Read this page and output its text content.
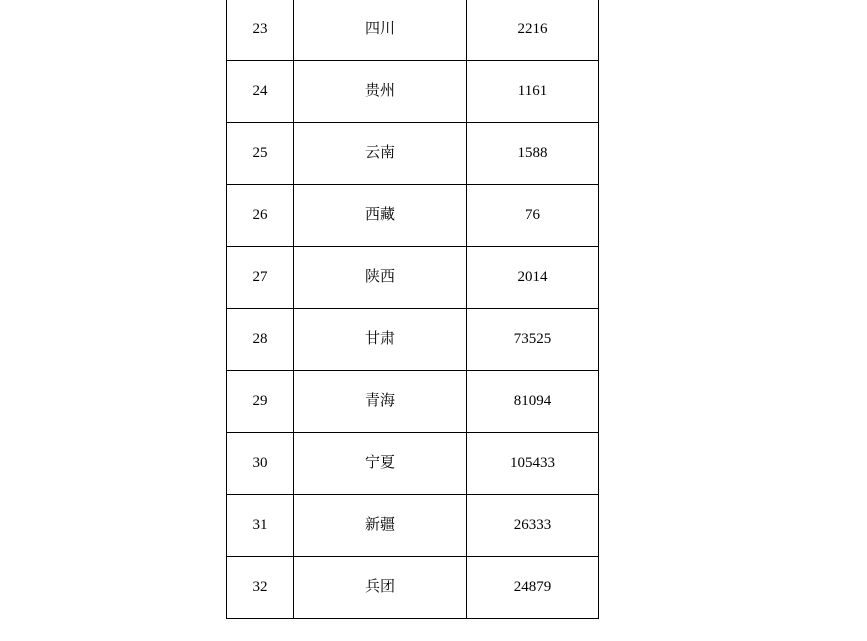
23	四川	2216
24	贵州	1161
25	云南	1588
26	西藏	76
27	陕西	2014
28	甘肃	73525
29	青海	81094
30	宁夏	105433
31	新疆	26333
32	兵团	24879
